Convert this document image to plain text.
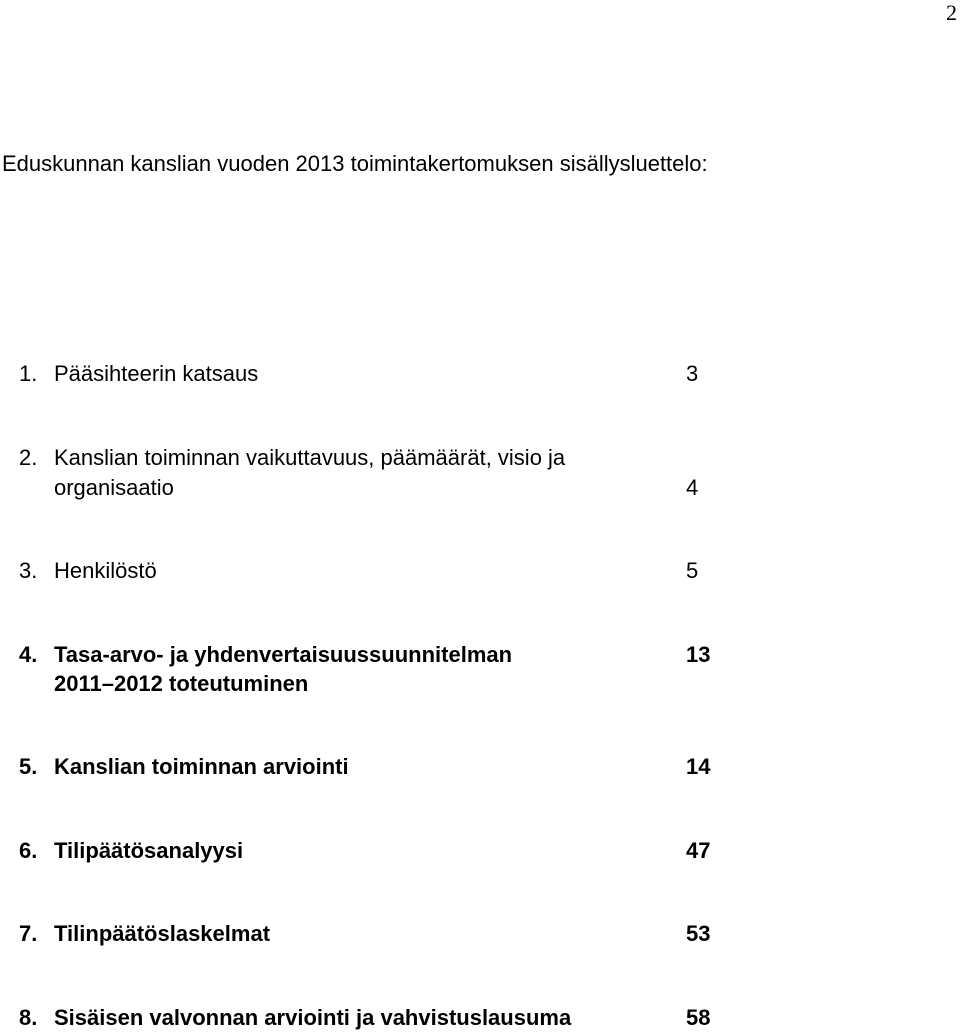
2
Eduskunnan kanslian vuoden 2013 toimintakertomuksen sisällysluettelo:
1. Pääsihteerin katsaus	3
2. Kanslian toiminnan vaikuttavuus, päämäärät, visio ja
organisaatio	4
3. Henkilöstö	5
4. Tasa-arvo- ja yhdenvertaisuussuunnitelman	13
2011–2012 toteutuminen
5. Kanslian toiminnan arviointi	14
6. Tilipäätösanalyysi	47
7. Tilinpäätöslaskelmat	53
8. Sisäisen valvonnan arviointi ja vahvistuslausuma	58
